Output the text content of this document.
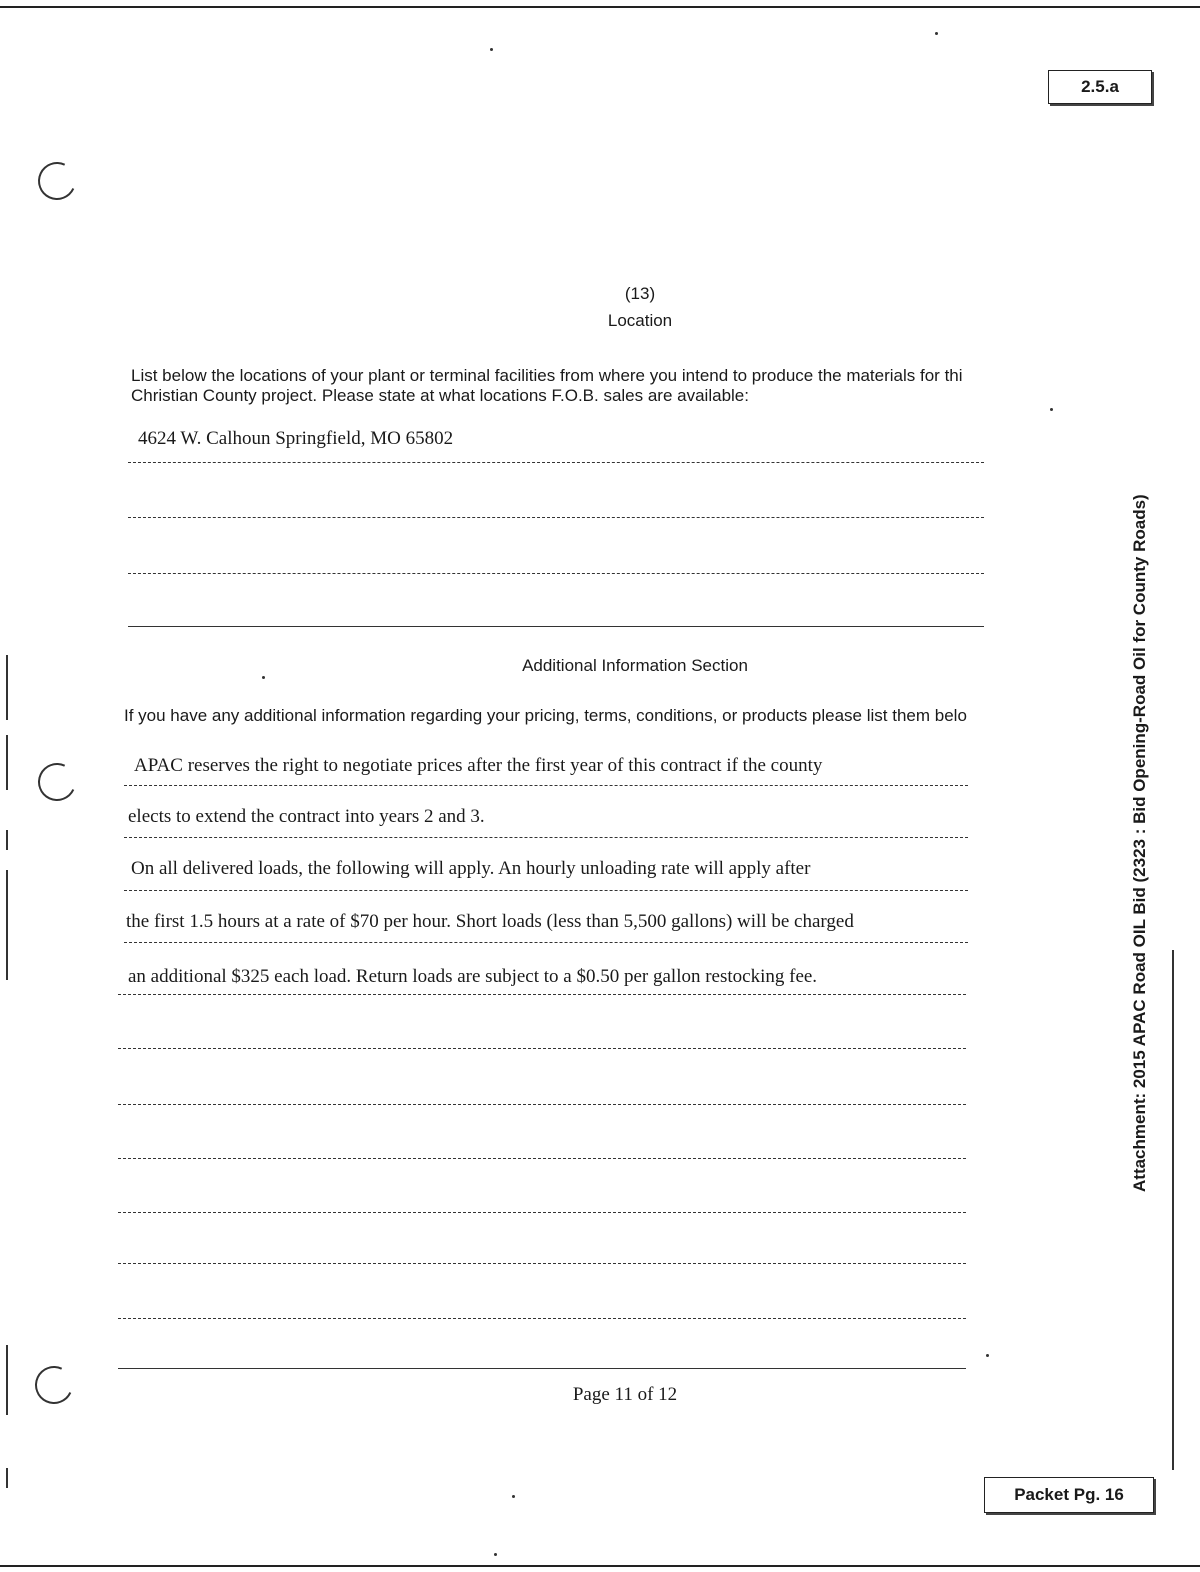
2.5.a
Packet Pg. 16
(13)
Location
List below the locations of your plant or terminal facilities from where you intend to produce the materials for thi
Christian County project. Please state at what locations F.O.B. sales are available:
4624 W. Calhoun Springfield, MO 65802
Additional Information Section
If you have any additional information regarding your pricing, terms, conditions, or products please list them belo
APAC reserves the right to negotiate prices after the first year of this contract if the county
elects to extend the contract into years 2 and 3.
On all delivered loads, the following will apply. An hourly unloading rate will apply after
the first 1.5 hours at a rate of $70 per hour. Short loads (less than 5,500 gallons) will be charged
an additional $325 each load. Return loads are subject to a $0.50 per gallon restocking fee.
Page 11 of 12
Attachment: 2015 APAC Road OIL Bid (2323 : Bid Opening-Road Oil for County Roads)
